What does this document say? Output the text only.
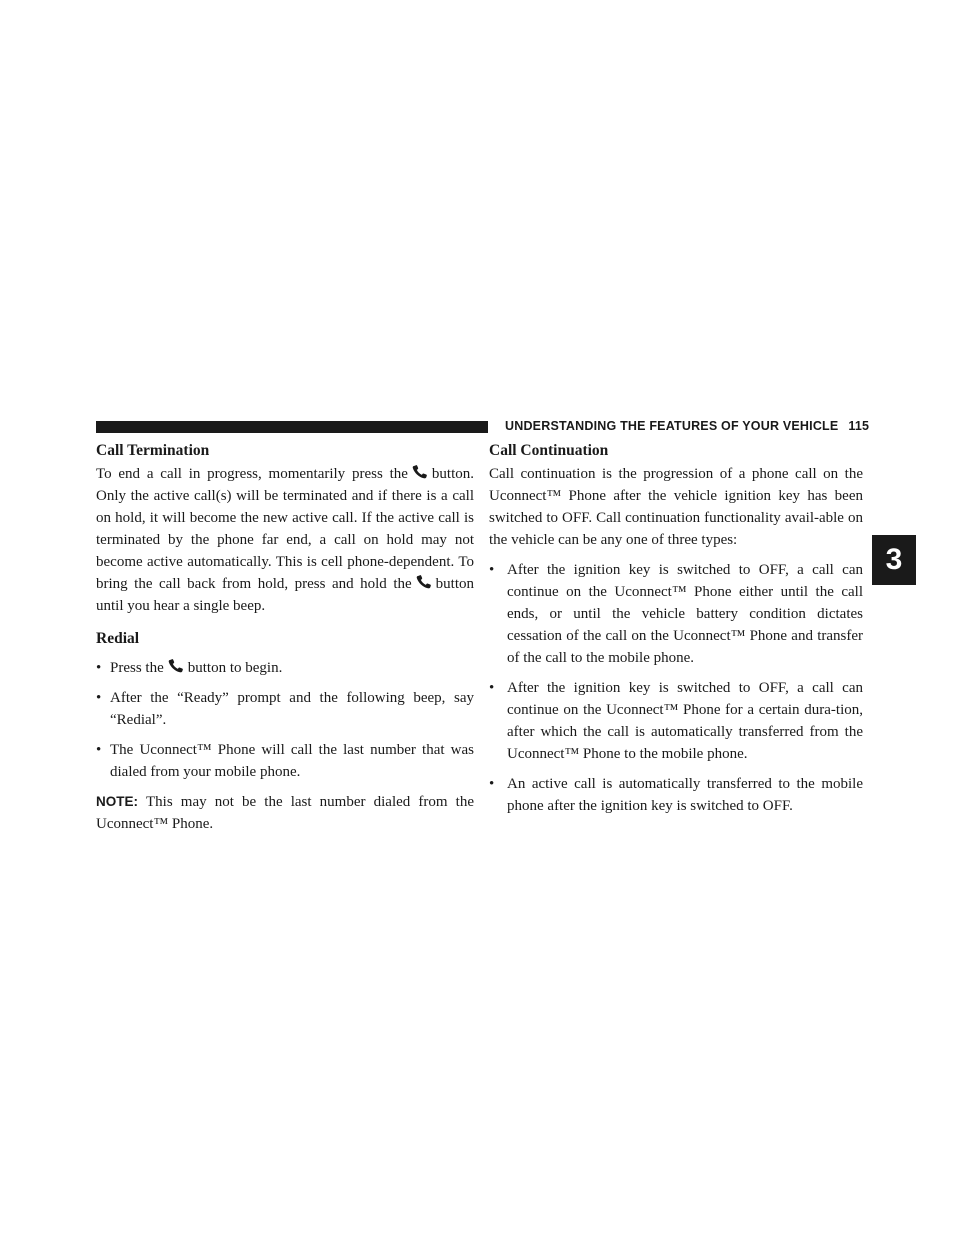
UNDERSTANDING THE FEATURES OF YOUR VEHICLE 115
3
Call Termination

To end a call in progress, momentarily press the button. Only the active call(s) will be terminated and if there is a call on hold, it will become the new active call. If the active call is terminated by the phone far end, a call on hold may not become active automatically. This is cell phone-dependent. To bring the call back from hold, press and hold the button until you hear a single beep.

Redial
• Press the button to begin.
• After the “Ready” prompt and the following beep, say “Redial”.
• The Uconnect™ Phone will call the last number that was dialed from your mobile phone.

NOTE: This may not be the last number dialed from the Uconnect™ Phone.

Call Continuation

Call continuation is the progression of a phone call on the Uconnect™ Phone after the vehicle ignition key has been switched to OFF. Call continuation functionality avail-able on the vehicle can be any one of three types:

• After the ignition key is switched to OFF, a call can continue on the Uconnect™ Phone either until the call ends, or until the vehicle battery condition dictates cessation of the call on the Uconnect™ Phone and transfer of the call to the mobile phone.
• After the ignition key is switched to OFF, a call can continue on the Uconnect™ Phone for a certain dura-tion, after which the call is automatically transferred from the Uconnect™ Phone to the mobile phone.
• An active call is automatically transferred to the mobile phone after the ignition key is switched to OFF.
